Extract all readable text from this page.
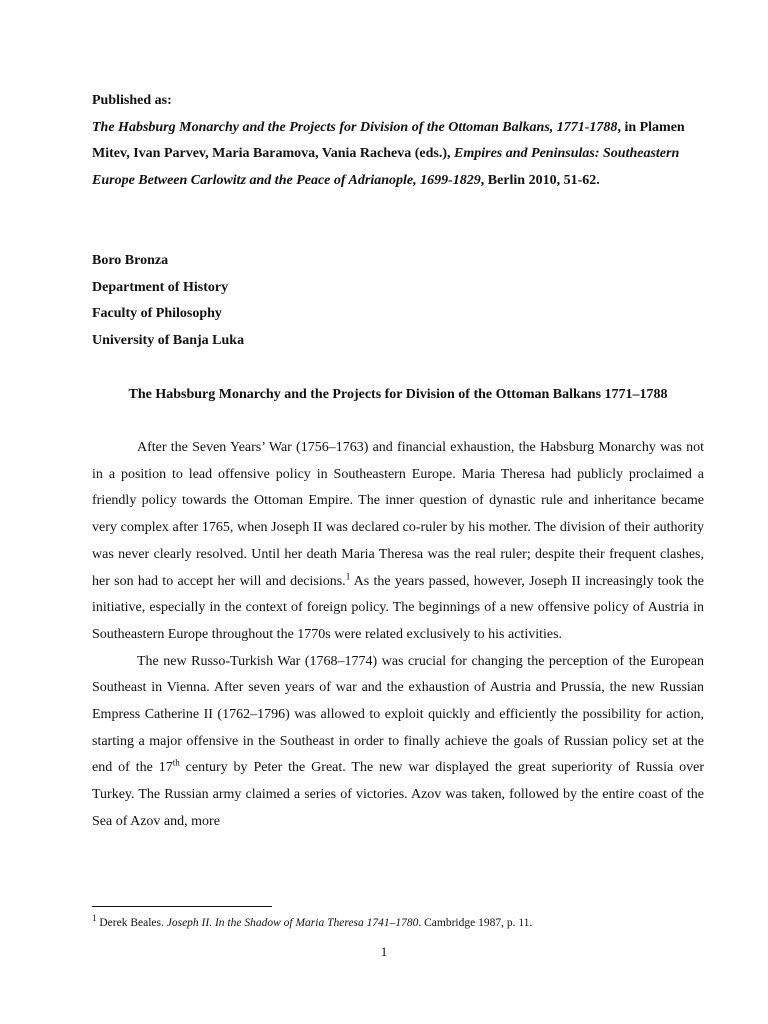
Published as:
The Habsburg Monarchy and the Projects for Division of the Ottoman Balkans, 1771-1788, in Plamen Mitev, Ivan Parvev, Maria Baramova, Vania Racheva (eds.), Empires and Peninsulas: Southeastern Europe Between Carlowitz and the Peace of Adrianople, 1699-1829, Berlin 2010, 51-62.
Boro Bronza
Department of History
Faculty of Philosophy
University of Banja Luka
The Habsburg Monarchy and the Projects for Division of the Ottoman Balkans 1771–1788

After the Seven Years’ War (1756–1763) and financial exhaustion, the Habsburg Monarchy was not in a position to lead offensive policy in Southeastern Europe. Maria Theresa had publicly proclaimed a friendly policy towards the Ottoman Empire. The inner question of dynastic rule and inheritance became very complex after 1765, when Joseph II was declared co-ruler by his mother. The division of their authority was never clearly resolved. Until her death Maria Theresa was the real ruler; despite their frequent clashes, her son had to accept her will and decisions.$^1$ As the years passed, however, Joseph II increasingly took the initiative, especially in the context of foreign policy. The beginnings of a new offensive policy of Austria in Southeastern Europe throughout the 1770s were related exclusively to his activities.

The new Russo-Turkish War (1768–1774) was crucial for changing the perception of the European Southeast in Vienna. After seven years of war and the exhaustion of Austria and Prussia, the new Russian Empress Catherine II (1762–1796) was allowed to exploit quickly and efficiently the possibility for action, starting a major offensive in the Southeast in order to finally achieve the goals of Russian policy set at the end of the 17th century by Peter the Great. The new war displayed the great superiority of Russia over Turkey. The Russian army claimed a series of victories. Azov was taken, followed by the entire coast of the Sea of Azov and, more

$^1$ Derek Beales. Joseph II. In the Shadow of Maria Theresa 1741–1780. Cambridge 1987, p. 11.
1
